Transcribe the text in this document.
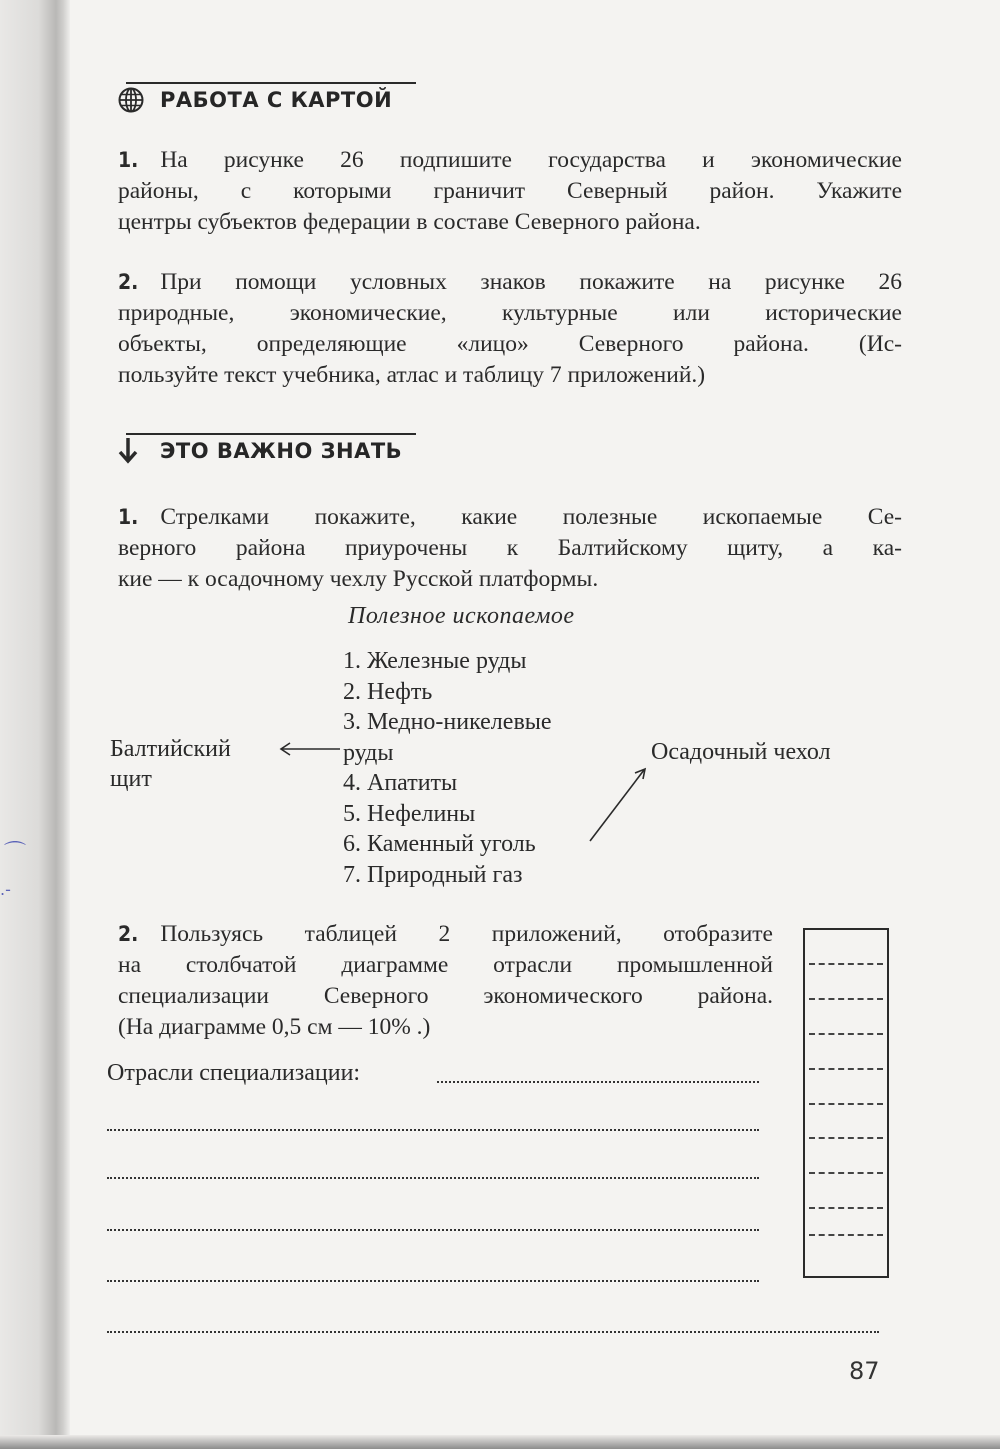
⌒
.-
РАБОТА С КАРТОЙ
1. На рисунке 26 подпишите государства и экономические
районы, с которыми граничит Северный район. Укажите
центры субъектов федерации в составе Северного района.
2. При помощи условных знаков покажите на рисунке 26
природные, экономические, культурные или исторические
объекты, определяющие «лицо» Северного района. (Ис-
пользуйте текст учебника, атлас и таблицу 7 приложений.)
ЭТО ВАЖНО ЗНАТЬ
1. Стрелками покажите, какие полезные ископаемые Се-
верного района приурочены к Балтийскому щиту, а ка-
кие — к осадочному чехлу Русской платформы.
Полезное ископаемое
1. Железные руды
2. Нефть
3. Медно-никелевые
руды
4. Апатиты
5. Нефелины
6. Каменный уголь
7. Природный газ
Балтийский
щит
Осадочный чехол
2. Пользуясь таблицей 2 приложений, отобразите
на столбчатой диаграмме отрасли промышленной
специализации Северного экономического района.
(На диаграмме 0,5 см — 10% .)
Отрасли специализации:
87
